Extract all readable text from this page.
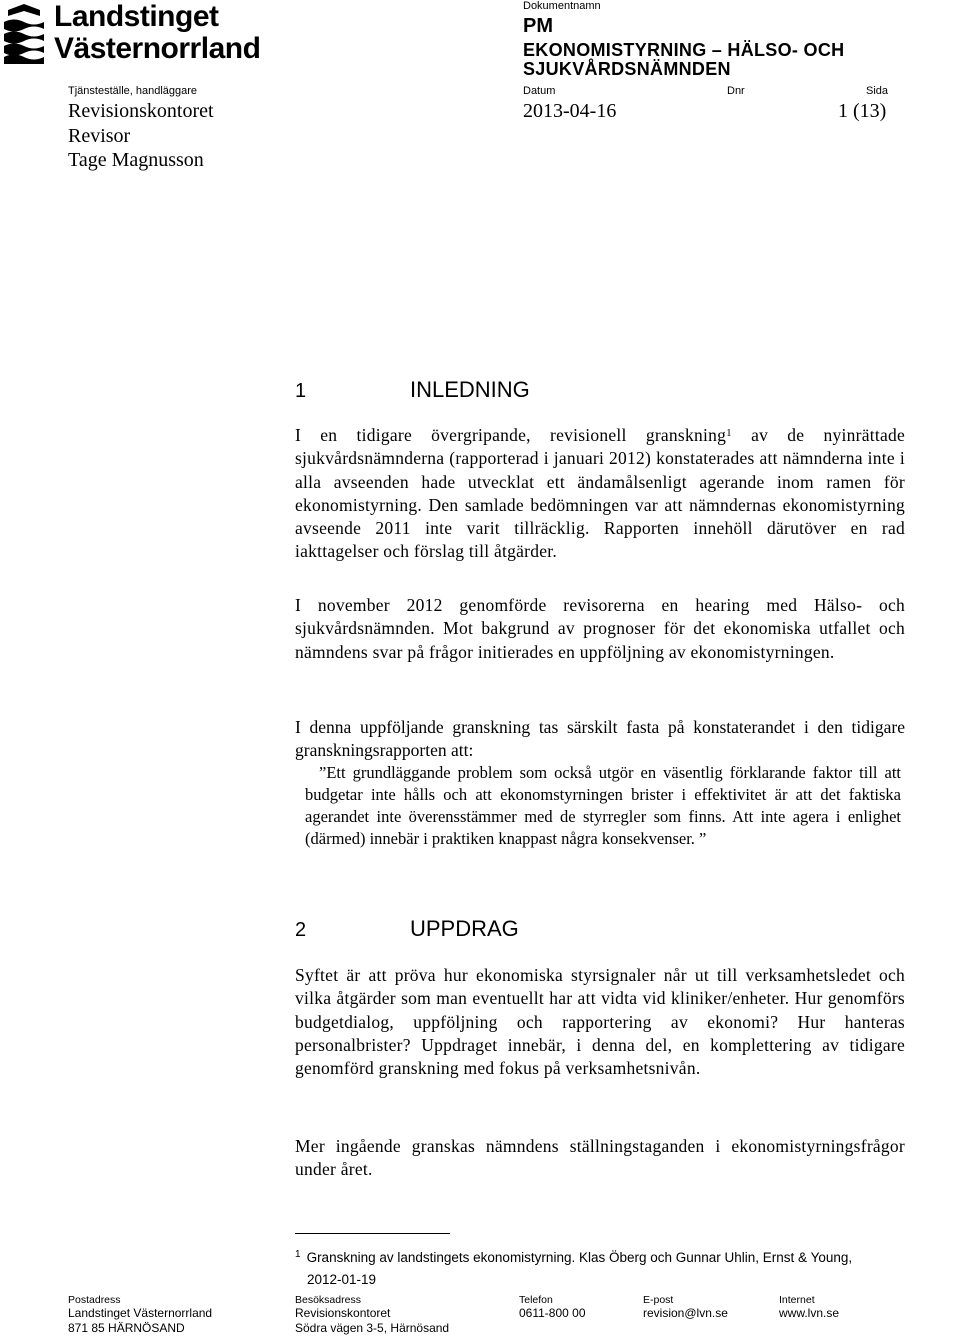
Landstinget
Västernorrland
Dokumentnamn
PM
EKONOMISTYRNING – HÄLSO- OCH SJUKVÅRDSNÄMNDEN
Tjänsteställe, handläggare	Datum	Dnr	Sida
Revisionskontoret	2013-04-16	1 (13)
Revisor
Tage Magnusson
1	INLEDNING

I en tidigare övergripande, revisionell granskning$^1$ av de nyinrättade sjukvårdsnämnderna (rapporterad i januari 2012) konstaterades att nämnderna inte i alla avseenden hade utvecklat ett ändamålsenligt agerande inom ramen för ekonomistyrning. Den samlade bedömningen var att nämndernas ekonomistyrning avseende 2011 inte varit tillräcklig. Rapporten innehöll därutöver en rad iakttagelser och förslag till åtgärder.

I november 2012 genomförde revisorerna en hearing med Hälso- och sjukvårdsnämnden. Mot bakgrund av prognoser för det ekonomiska utfallet och nämndens svar på frågor initierades en uppföljning av ekonomistyrningen.

I denna uppföljande granskning tas särskilt fasta på konstaterandet i den tidigare granskningsrapporten att:

”Ett grundläggande problem som också utgör en väsentlig förklarande faktor till att budgetar inte hålls och att ekonomstyrningen brister i effektivitet är att det faktiska agerandet inte överensstämmer med de styrregler som finns. Att inte agera i enlighet (därmed) innebär i praktiken knappast några konsekvenser. ”

2	UPPDRAG

Syftet är att pröva hur ekonomiska styrsignaler når ut till verksamhetsledet och vilka åtgärder som man eventuellt har att vidta vid kliniker/enheter. Hur genomförs budgetdialog, uppföljning och rapportering av ekonomi? Hur hanteras personalbrister? Uppdraget innebär, i denna del, en komplettering av tidigare genomförd granskning med fokus på verksamhetsnivån.

Mer ingående granskas nämndens ställningstaganden i ekonomistyrningsfrågor under året.

$^1$ Granskning av landstingets ekonomistyrning. Klas Öberg och Gunnar Uhlin, Ernst & Young,
2012-01-19
Postadress
Landstinget Västernorrland
871 85 HÄRNÖSAND
Besöksadress
Revisionskontoret
Södra vägen 3-5, Härnösand
Telefon
0611-800 00
E-post
revision@lvn.se
Internet
www.lvn.se
